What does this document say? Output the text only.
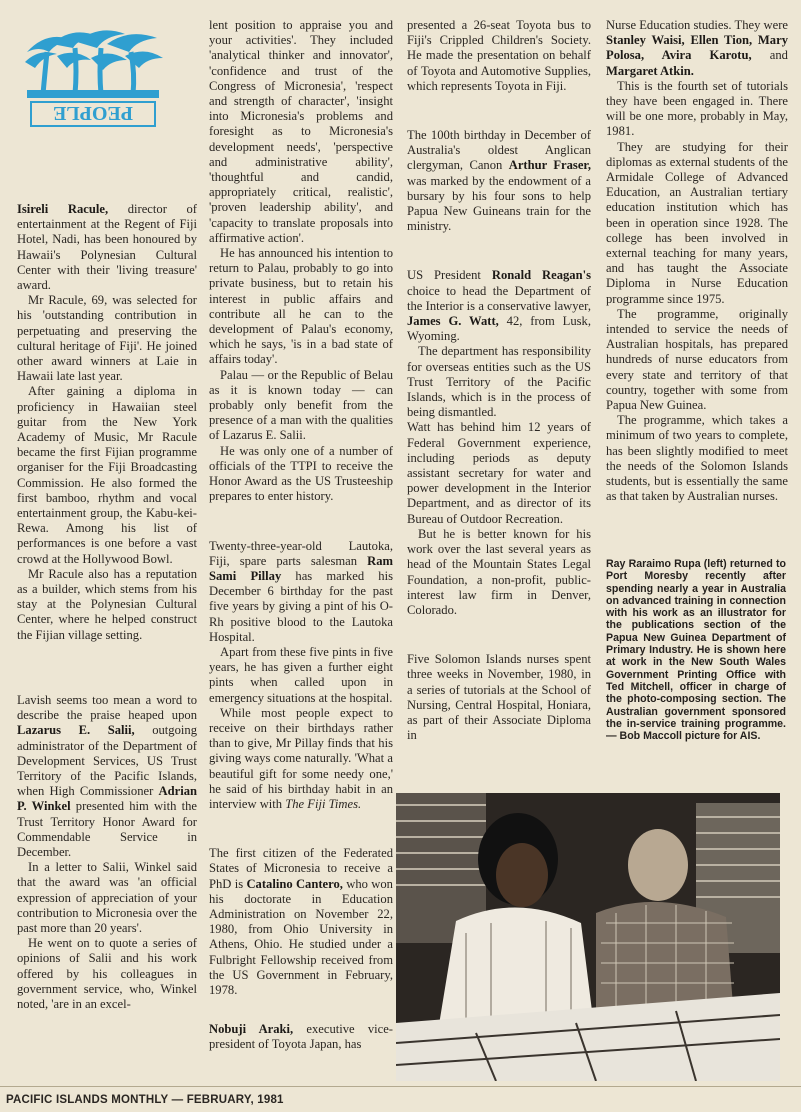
PEOPLE

Isireli Racule, director of entertainment at the Regent of Fiji Hotel, Nadi, has been honoured by Hawaii's Polynesian Cultural Center with their 'living treasure' award.

Mr Racule, 69, was selected for his 'outstanding contribution in perpetuating and preserving the cultural heritage of Fiji'. He joined other award winners at Laie in Hawaii late last year.

After gaining a diploma in proficiency in Hawaiian steel guitar from the New York Academy of Music, Mr Racule became the first Fijian programme organiser for the Fiji Broadcasting Commission. He also formed the first bamboo, rhythm and vocal entertainment group, the Kabu-kei-Rewa. Among his list of performances is one before a vast crowd at the Hollywood Bowl.

Mr Racule also has a reputation as a builder, which stems from his stay at the Polynesian Cultural Center, where he helped construct the Fijian village setting.

Lavish seems too mean a word to describe the praise heaped upon Lazarus E. Salii, outgoing administrator of the Department of Development Services, US Trust Territory of the Pacific Islands, when High Commissioner Adrian P. Winkel presented him with the Trust Territory Honor Award for Commendable Service in December.

In a letter to Salii, Winkel said that the award was 'an official expression of appreciation of your contribution to Micronesia over the past more than 20 years'.

He went on to quote a series of opinions of Salii and his work offered by his colleagues in government service, who, Winkel noted, 'are in an excel-

lent position to appraise you and your activities'. They included 'analytical thinker and innovator', 'confidence and trust of the Congress of Micronesia', 'respect and strength of character', 'insight into Micronesia's problems and foresight as to Micronesia's development needs', 'perspective and administrative ability', 'thoughtful and candid, appropriately critical, realistic', 'proven leadership ability', and 'capacity to translate proposals into affirmative action'.

He has announced his intention to return to Palau, probably to go into private business, but to retain his interest in public affairs and contribute all he can to the development of Palau's economy, which he says, 'is in a bad state of affairs today'.

Palau — or the Republic of Belau as it is known today — can probably only benefit from the presence of a man with the qualities of Lazarus E. Salii.

He was only one of a number of officials of the TTPI to receive the Honor Award as the US Trusteeship prepares to enter history.

Twenty-three-year-old Lautoka, Fiji, spare parts salesman Ram Sami Pillay has marked his December 6 birthday for the past five years by giving a pint of his O-Rh positive blood to the Lautoka Hospital.

Apart from these five pints in five years, he has given a further eight pints when called upon in emergency situations at the hospital.

While most people expect to receive on their birthdays rather than to give, Mr Pillay finds that his giving ways come naturally. 'What a beautiful gift for some needy one,' he said of his birthday habit in an interview with The Fiji Times.

The first citizen of the Federated States of Micronesia to receive a PhD is Catalino Cantero, who won his doctorate in Education Administration on November 22, 1980, from Ohio University in Athens, Ohio. He studied under a Fulbright Fellowship received from the US Government in February, 1978.

Nobuji Araki, executive vice-president of Toyota Japan, has

presented a 26-seat Toyota bus to Fiji's Crippled Children's Society. He made the presentation on behalf of Toyota and Automotive Supplies, which represents Toyota in Fiji.

The 100th birthday in December of Australia's oldest Anglican clergyman, Canon Arthur Fraser, was marked by the endowment of a bursary by his four sons to help Papua New Guineans train for the ministry.

US President Ronald Reagan's choice to head the Department of the Interior is a conservative lawyer, James G. Watt, 42, from Lusk, Wyoming.

The department has responsibility for overseas entities such as the US Trust Territory of the Pacific Islands, which is in the process of being dismantled.

Watt has behind him 12 years of Federal Government experience, including periods as deputy assistant secretary for water and power development in the Interior Department, and as director of its Bureau of Outdoor Recreation.

But he is better known for his work over the last several years as head of the Mountain States Legal Foundation, a non-profit, public-interest law firm in Denver, Colorado.

Five Solomon Islands nurses spent three weeks in November, 1980, in a series of tutorials at the School of Nursing, Central Hospital, Honiara, as part of their Associate Diploma in

Nurse Education studies. They were Stanley Waisi, Ellen Tion, Mary Polosa, Avira Karotu, and Margaret Atkin.

This is the fourth set of tutorials they have been engaged in. There will be one more, probably in May, 1981.

They are studying for their diplomas as external students of the Armidale College of Advanced Education, an Australian tertiary education institution which has been in operation since 1928. The college has been involved in external teaching for many years, and has taught the Associate Diploma in Nurse Education programme since 1975.

The programme, originally intended to service the needs of Australian hospitals, has prepared hundreds of nurse educators from every state and territory of that country, together with some from Papua New Guinea.

The programme, which takes a minimum of two years to complete, has been slightly modified to meet the needs of the Solomon Islands students, but is essentially the same as that taken by Australian nurses.

Ray Raraimo Rupa (left) returned to Port Moresby recently after spending nearly a year in Australia on advanced training in connection with his work as an illustrator for the publications section of the Papua New Guinea Department of Primary Industry. He is shown here at work in the New South Wales Government Printing Office with Ted Mitchell, officer in charge of the photo-composing section. The Australian government sponsored the in-service training programme. — Bob Maccoll picture for AIS.
PACIFIC ISLANDS MONTHLY — FEBRUARY, 1981
